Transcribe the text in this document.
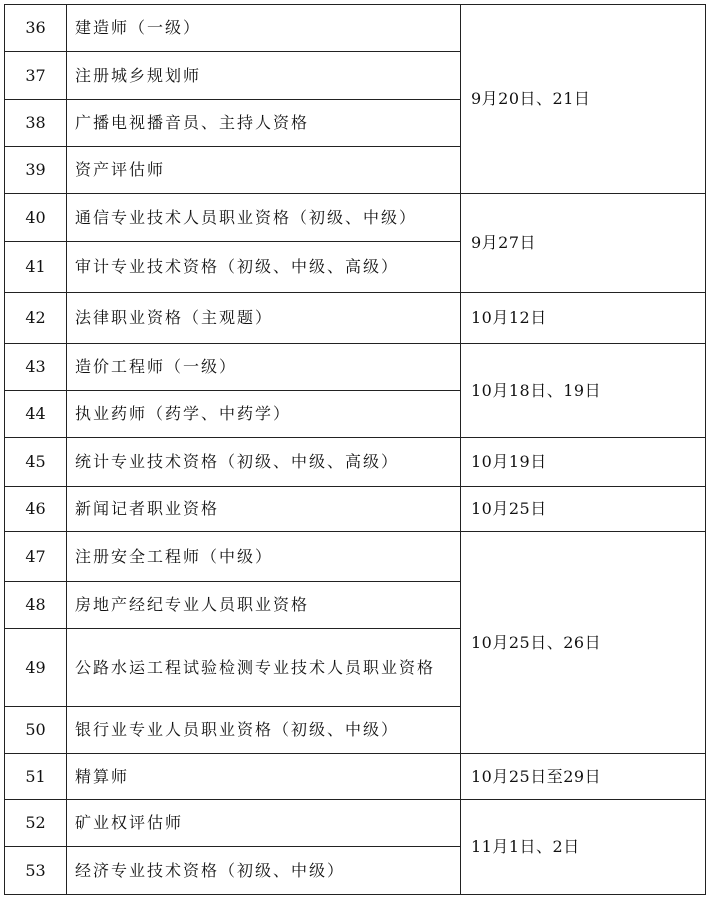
36	建造师（一级）	9月20日、21日
37	注册城乡规划师	
38	广播电视播音员、主持人资格	
39	资产评估师	
40	通信专业技术人员职业资格（初级、中级）	9月27日
41	审计专业技术资格（初级、中级、高级）	
42	法律职业资格（主观题）	10月12日
43	造价工程师（一级）	10月18日、19日
44	执业药师（药学、中药学）	
45	统计专业技术资格（初级、中级、高级）	10月19日
46	新闻记者职业资格	10月25日
47	注册安全工程师（中级）	10月25日、26日
48	房地产经纪专业人员职业资格	
49	公路水运工程试验检测专业技术人员职业资格	
50	银行业专业人员职业资格（初级、中级）	
51	精算师	10月25日至29日
52	矿业权评估师	11月1日、2日
53	经济专业技术资格（初级、中级）	
